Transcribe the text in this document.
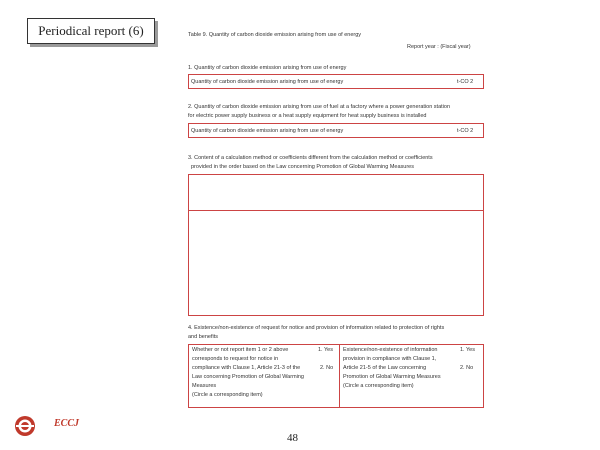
Periodical report (6)	Table 9. Quantity of carbon dioxide emission arising from use of energy
Report year : (Fiscal year)
1. Quantity of carbon dioxide emission arising from use of energy
Quantity of carbon dioxide emission arising from use of energy	t-CO 2
2. Quantity of carbon dioxide emission arising from use of fuel at a factory where a power generation station
for electric power supply business or a heat supply equipment for heat supply business is installed
Quantity of carbon dioxide emission arising from use of energy	t-CO 2
3. Content of a calculation method or coefficients different from the calculation method or coefficients
provided in the order based on the Law concerning Promotion of Global Warming Measures
4. Existence/non-existence of request for notice and provision of information related to protection of rights
and benefits
Whether or not report item 1 or 2 above
corresponds to request for notice in
compliance with Clause 1, Article 21-3 of the
Law concerning Promotion of Global Warming
Measures
(Circle a corresponding item)
1. Yes
2. No
Existence/non-existence of information
provision in compliance with Clause 1,
Article 21-5 of the Law concerning
Promotion of Global Warming Measures
(Circle a corresponding item)
1. Yes
2. No
ECCJ
48
